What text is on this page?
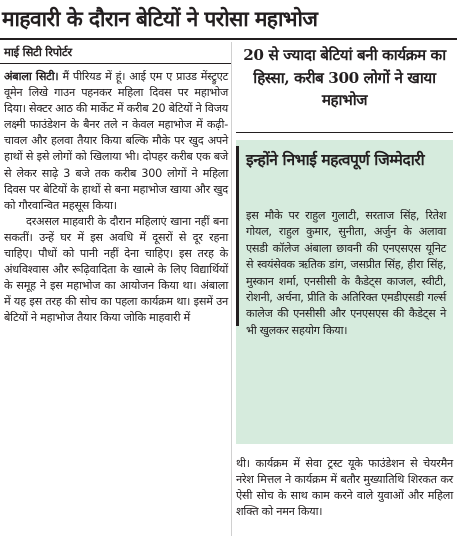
माहवारी के दौरान बेटियों ने परोसा महाभोज
माई सिटी रिपोर्टर

अंबाला सिटी। मैं पीरियड में हूं। आई एम ए प्राउड मेंस्ट्रुएट वूमेन लिखे गाउन पहनकर महिला दिवस पर महाभोज दिया। सेक्टर आठ की मार्केट में करीब 20 बेटियों ने विजय लक्ष्मी फाउंडेशन के बैनर तले न केवल महाभोज में कढ़ी-चावल और हलवा तैयार किया बल्कि मौके पर खुद अपने हाथों से इसे लोगों को खिलाया भी। दोपहर करीब एक बजे से लेकर साढ़े 3 बजे तक करीब 300 लोगों ने महिला दिवस पर बेटियों के हाथों से बना महाभोज खाया और खुद को गौरवान्वित महसूस किया।

दरअसल माहवारी के दौरान महिलाएं खाना नहीं बना सकतीं। उन्हें घर में इस अवधि में दूसरों से दूर रहना चाहिए। पौधों को पानी नहीं देना चाहिए। इस तरह के अंधविश्वास और रूढ़िवादिता के खात्मे के लिए विद्यार्थियों के समूह ने इस महाभोज का आयोजन किया था। अंबाला में यह इस तरह की सोच का पहला कार्यक्रम था। इसमें उन बेटियों ने महाभोज तैयार किया जोकि माहवारी में

20 से ज्यादा बेटियां बनी कार्यक्रम का हिस्सा, करीब 300 लोगों ने खाया महाभोज
इन्होंने निभाई महत्वपूर्ण जिम्मेदारी
इस मौके पर राहुल गुलाटी, सरताज सिंह, रितेश गोयल, राहुल कुमार, सुनीता, अर्जुन के अलावा एसडी कॉलेज अंबाला छावनी की एनएसएस यूनिट से स्वयंसेवक ऋतिक डांग, जसप्रीत सिंह, हीरा सिंह, मुस्कान शर्मा, एनसीसी के कैडेट्स काजल, स्वीटी, रोशनी, अर्चना, प्रीति के अतिरिक्त एमडीएसडी गर्ल्स कालेज की एनसीसी और एनएसएस की कैडेट्स ने भी खुलकर सहयोग किया।
थी। कार्यक्रम में सेवा ट्रस्ट यूके फाउंडेशन से चेयरमैन नरेश मित्तल ने कार्यक्रम में बतौर मुख्यातिथि शिरकत कर ऐसी सोच के साथ काम करने वाले युवाओं और महिला शक्ति को नमन किया।
